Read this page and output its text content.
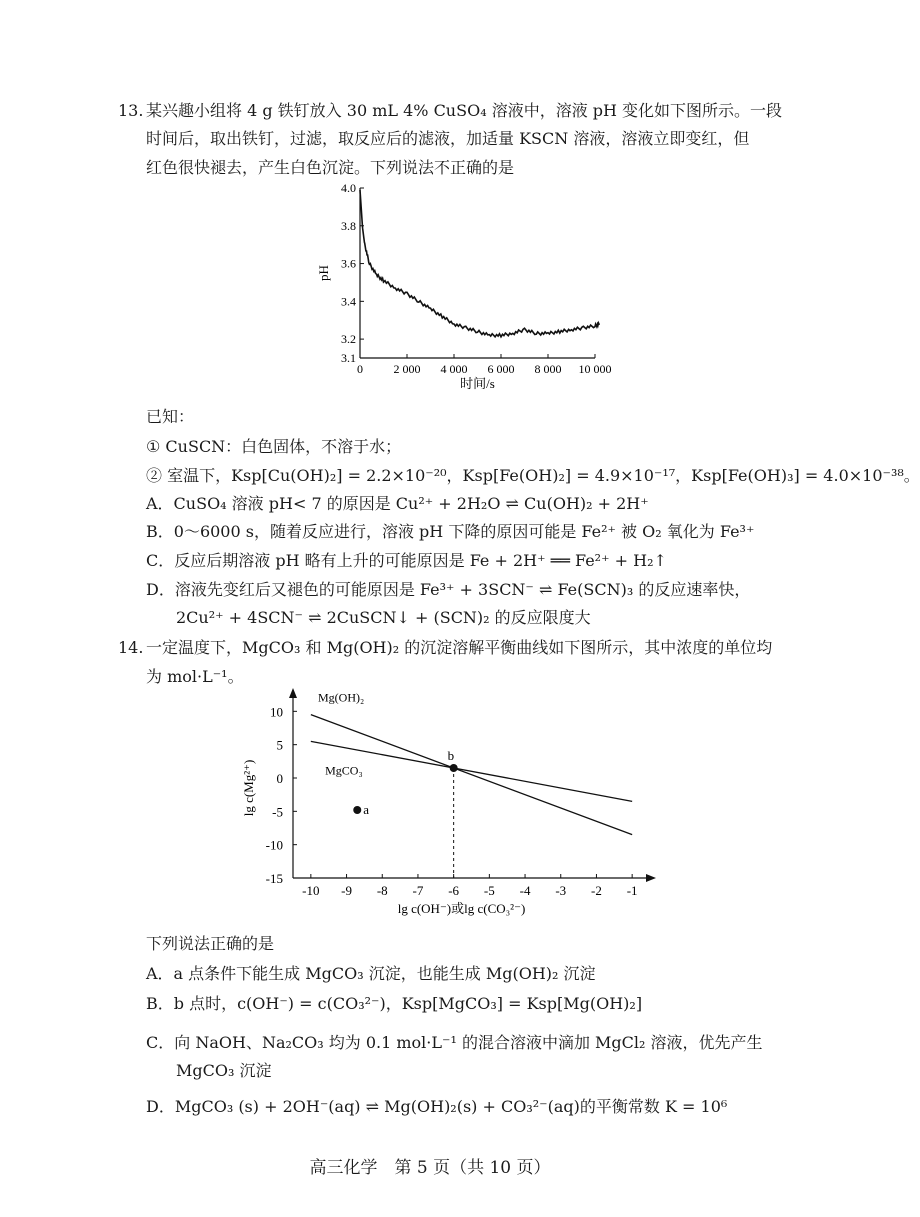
13. 某兴趣小组将 4 g 铁钉放入 30 mL 4% CuSO₄ 溶液中，溶液 pH 变化如下图所示。一段
时间后，取出铁钉，过滤，取反应后的滤液，加适量 KSCN 溶液，溶液立即变红，但
红色很快褪去，产生白色沉淀。下列说法不正确的是
0	2 000 4 000 6 000 8 000 10 000
3.1
3.2
3.4
3.6
3.8
4.0
时间/s
pH
已知：
① CuSCN：白色固体，不溶于水；
② 室温下，Ksp[Cu(OH)₂] = 2.2×10⁻²⁰，Ksp[Fe(OH)₂] = 4.9×10⁻¹⁷，Ksp[Fe(OH)₃] = 4.0×10⁻³⁸。
A．CuSO₄ 溶液 pH< 7 的原因是 Cu²⁺ + 2H₂O ⇌ Cu(OH)₂ + 2H⁺
B．0～6000 s，随着反应进行，溶液 pH 下降的原因可能是 Fe²⁺ 被 O₂ 氧化为 Fe³⁺
C．反应后期溶液 pH 略有上升的可能原因是 Fe + 2H⁺ ══ Fe²⁺ + H₂↑
D．溶液先变红后又褪色的可能原因是 Fe³⁺ + 3SCN⁻ ⇌ Fe(SCN)₃ 的反应速率快，
2Cu²⁺ + 4SCN⁻ ⇌ 2CuSCN↓ + (SCN)₂ 的反应限度大
14. 一定温度下，MgCO₃ 和 Mg(OH)₂ 的沉淀溶解平衡曲线如下图所示，其中浓度的单位均
为 mol·L⁻¹。
-10 -9 -8 -7 -6 -5 -4 -3 -2 -1
10
5
0
-5
-10
-15
lg c(OH⁻)或lg c(CO₃²⁻)
lg c(Mg²⁺)
Mg(OH)₂
MgCO₃
a
b
下列说法正确的是
A．a 点条件下能生成 MgCO₃ 沉淀，也能生成 Mg(OH)₂ 沉淀
B．b 点时，c(OH⁻) = c(CO₃²⁻)，Ksp[MgCO₃] = Ksp[Mg(OH)₂]
C．向 NaOH、Na₂CO₃ 均为 0.1 mol·L⁻¹ 的混合溶液中滴加 MgCl₂ 溶液，优先产生
MgCO₃ 沉淀
D．MgCO₃ (s) + 2OH⁻(aq) ⇌ Mg(OH)₂(s) + CO₃²⁻(aq)的平衡常数 K = 10⁶
高三化学　第 5 页（共 10 页）
